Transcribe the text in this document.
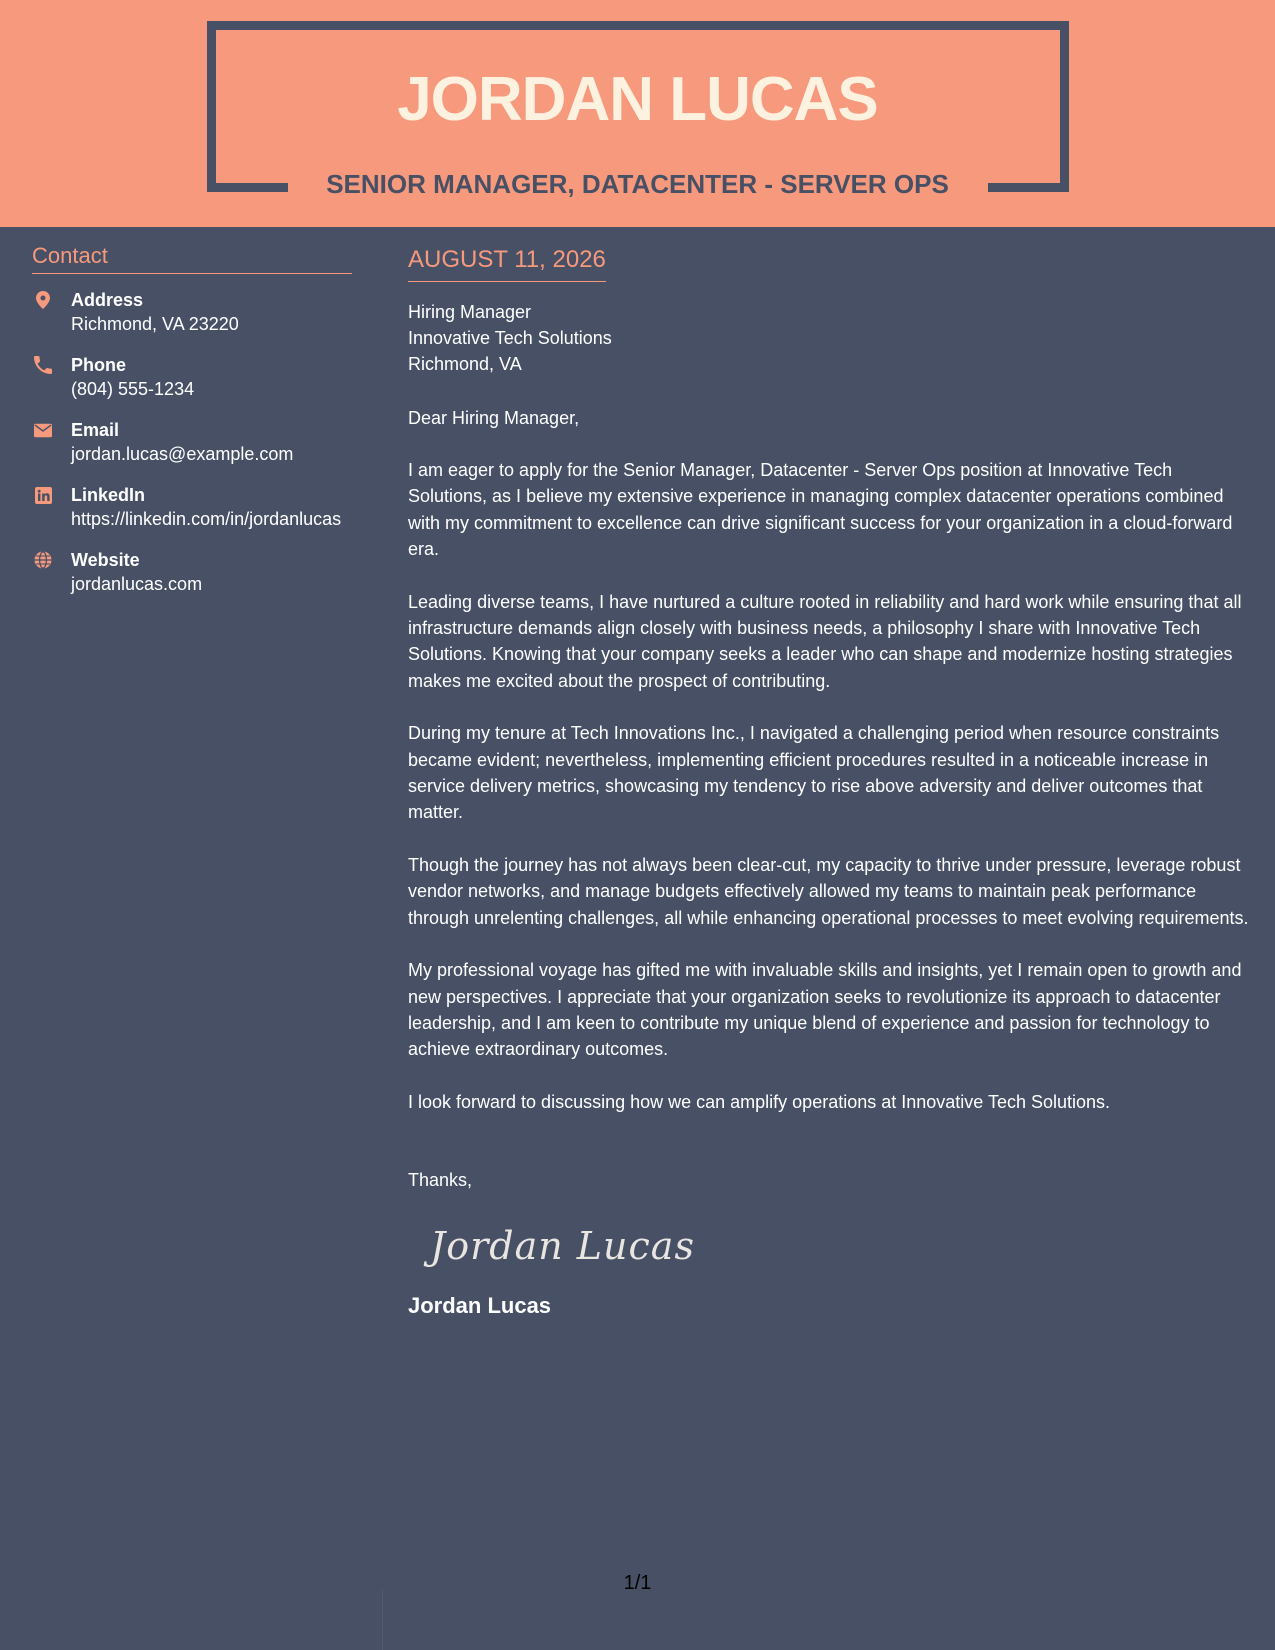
JORDAN LUCAS
SENIOR MANAGER, DATACENTER - SERVER OPS
Contact
Address
Richmond, VA 23220
Phone
(804) 555-1234
Email
jordan.lucas@example.com
LinkedIn
https://linkedin.com/in/jordanlucas
Website
jordanlucas.com
AUGUST 11, 2026
Hiring Manager
Innovative Tech Solutions
Richmond, VA
Dear Hiring Manager,

I am eager to apply for the Senior Manager, Datacenter - Server Ops position at Innovative Tech Solutions, as I believe my extensive experience in managing complex datacenter operations combined with my commitment to excellence can drive significant success for your organization in a cloud-forward era.

Leading diverse teams, I have nurtured a culture rooted in reliability and hard work while ensuring that all infrastructure demands align closely with business needs, a philosophy I share with Innovative Tech Solutions. Knowing that your company seeks a leader who can shape and modernize hosting strategies makes me excited about the prospect of contributing.

During my tenure at Tech Innovations Inc., I navigated a challenging period when resource constraints became evident; nevertheless, implementing efficient procedures resulted in a noticeable increase in service delivery metrics, showcasing my tendency to rise above adversity and deliver outcomes that matter.

Though the journey has not always been clear-cut, my capacity to thrive under pressure, leverage robust vendor networks, and manage budgets effectively allowed my teams to maintain peak performance through unrelenting challenges, all while enhancing operational processes to meet evolving requirements.

My professional voyage has gifted me with invaluable skills and insights, yet I remain open to growth and new perspectives. I appreciate that your organization seeks to revolutionize its approach to datacenter leadership, and I am keen to contribute my unique blend of experience and passion for technology to achieve extraordinary outcomes.

I look forward to discussing how we can amplify operations at Innovative Tech Solutions.

Thanks,
Jordan Lucas
Jordan Lucas
1/1
